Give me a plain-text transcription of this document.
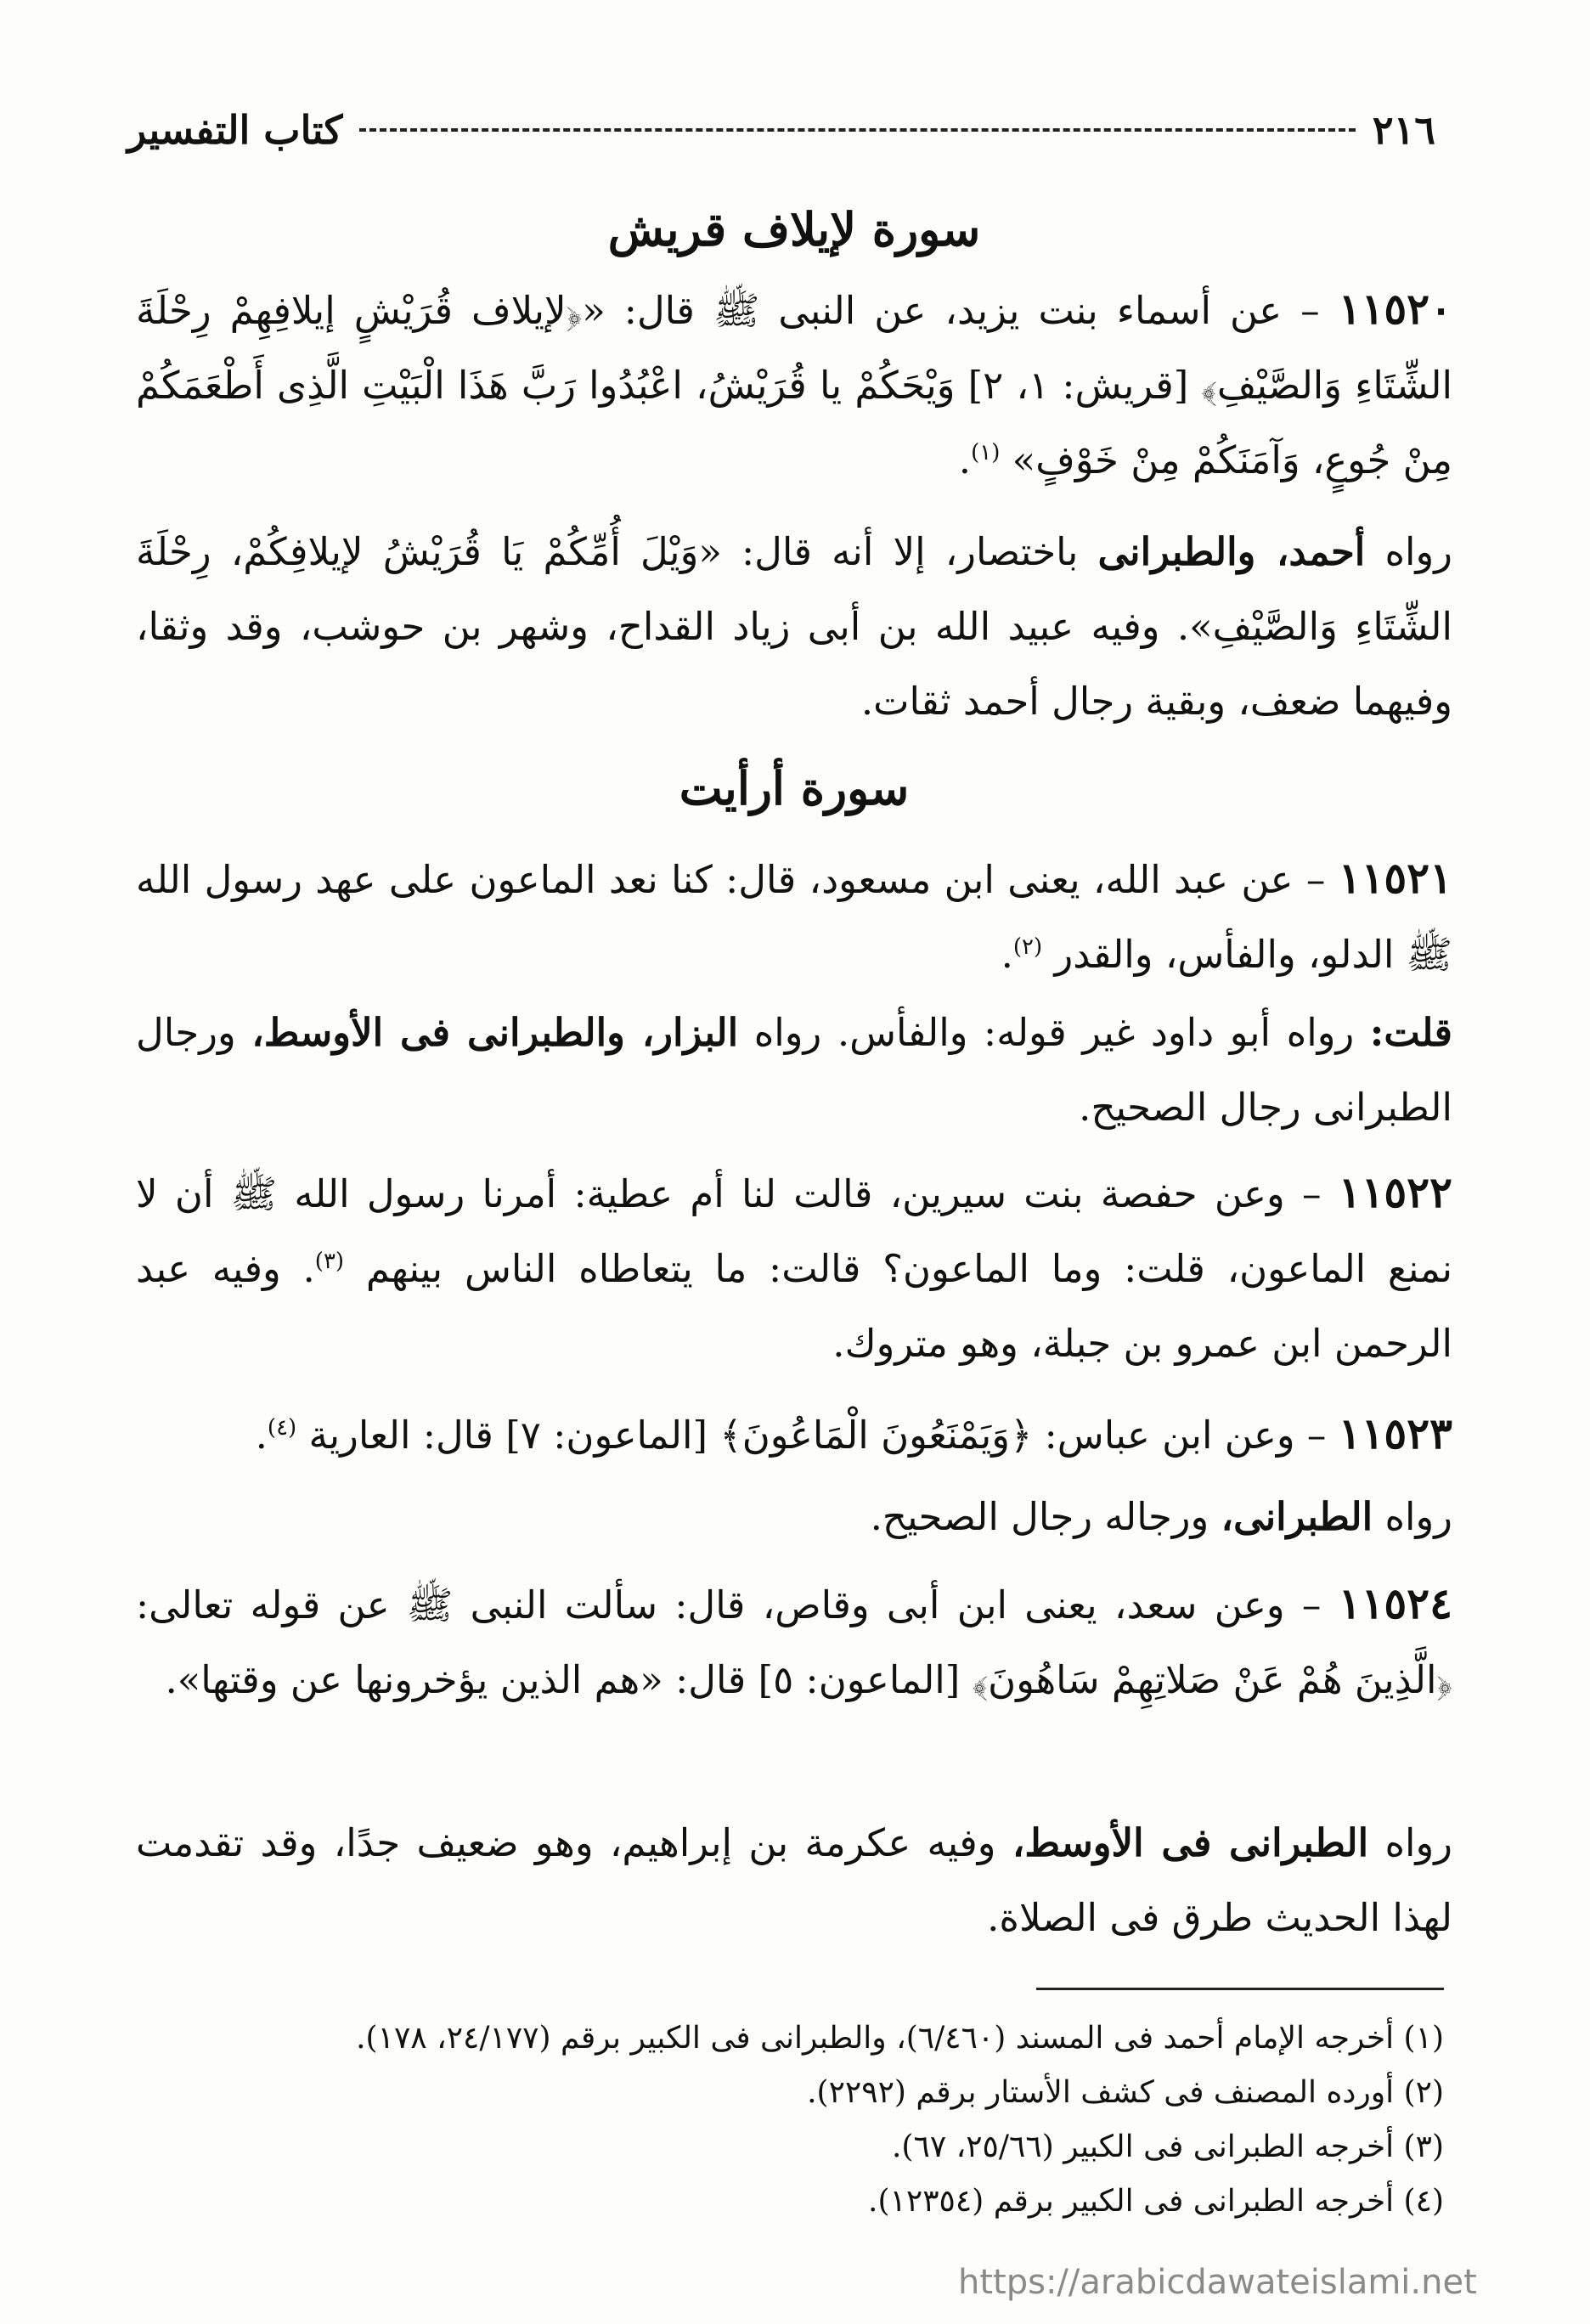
٢١٦
كتاب التفسير
سورة لإيلاف قريش

١١٥٢٠ – عن أسماء بنت يزيد، عن النبى ﷺ قال: «﴿لإيلاف قُرَيْشٍ إيلافِهِمْ رِحْلَةَ الشِّتَاءِ وَالصَّيْفِ﴾ [قريش: ١، ٢] وَيْحَكُمْ يا قُرَيْشُ، اعْبُدُوا رَبَّ هَذَا الْبَيْتِ الَّذِى أَطْعَمَكُمْ مِنْ جُوعٍ، وَآمَنَكُمْ مِنْ خَوْفٍ» $^{(١)}$.

رواه أحمد، والطبرانى باختصار، إلا أنه قال: «وَيْلَ أُمِّكُمْ يَا قُرَيْشُ لإيلافِكُمْ، رِحْلَةَ الشِّتَاءِ وَالصَّيْفِ». وفيه عبيد الله بن أبى زياد القداح، وشهر بن حوشب، وقد وثقا، وفيهما ضعف، وبقية رجال أحمد ثقات.

سورة أرأيت

١١٥٢١ – عن عبد الله، يعنى ابن مسعود، قال: كنا نعد الماعون على عهد رسول الله ﷺ الدلو، والفأس، والقدر $^{(٢)}$.

قلت: رواه أبو داود غير قوله: والفأس. رواه البزار، والطبرانى فى الأوسط، ورجال الطبرانى رجال الصحيح.

١١٥٢٢ – وعن حفصة بنت سيرين، قالت لنا أم عطية: أمرنا رسول الله ﷺ أن لا نمنع الماعون، قلت: وما الماعون؟ قالت: ما يتعاطاه الناس بينهم $^{(٣)}$. وفيه عبد الرحمن ابن عمرو بن جبلة، وهو متروك.

١١٥٢٣ – وعن ابن عباس: ﴿وَيَمْنَعُونَ الْمَاعُونَ﴾ [الماعون: ٧] قال: العارية $^{(٤)}$.

رواه الطبرانى، ورجاله رجال الصحيح.

١١٥٢٤ – وعن سعد، يعنى ابن أبى وقاص، قال: سألت النبى ﷺ عن قوله تعالى: ﴿الَّذِينَ هُمْ عَنْ صَلاتِهِمْ سَاهُونَ﴾ [الماعون: ٥] قال: «هم الذين يؤخرونها عن وقتها».

رواه الطبرانى فى الأوسط، وفيه عكرمة بن إبراهيم، وهو ضعيف جدًا، وقد تقدمت لهذا الحديث طرق فى الصلاة.

(١) أخرجه الإمام أحمد فى المسند (٦/٤٦٠)، والطبرانى فى الكبير برقم (٢٤/١٧٧، ١٧٨).
(٢) أورده المصنف فى كشف الأستار برقم (٢٢٩٢).
(٣) أخرجه الطبرانى فى الكبير (٢٥/٦٦، ٦٧).
(٤) أخرجه الطبرانى فى الكبير برقم (١٢٣٥٤).
https://arabicdawateislami.net
